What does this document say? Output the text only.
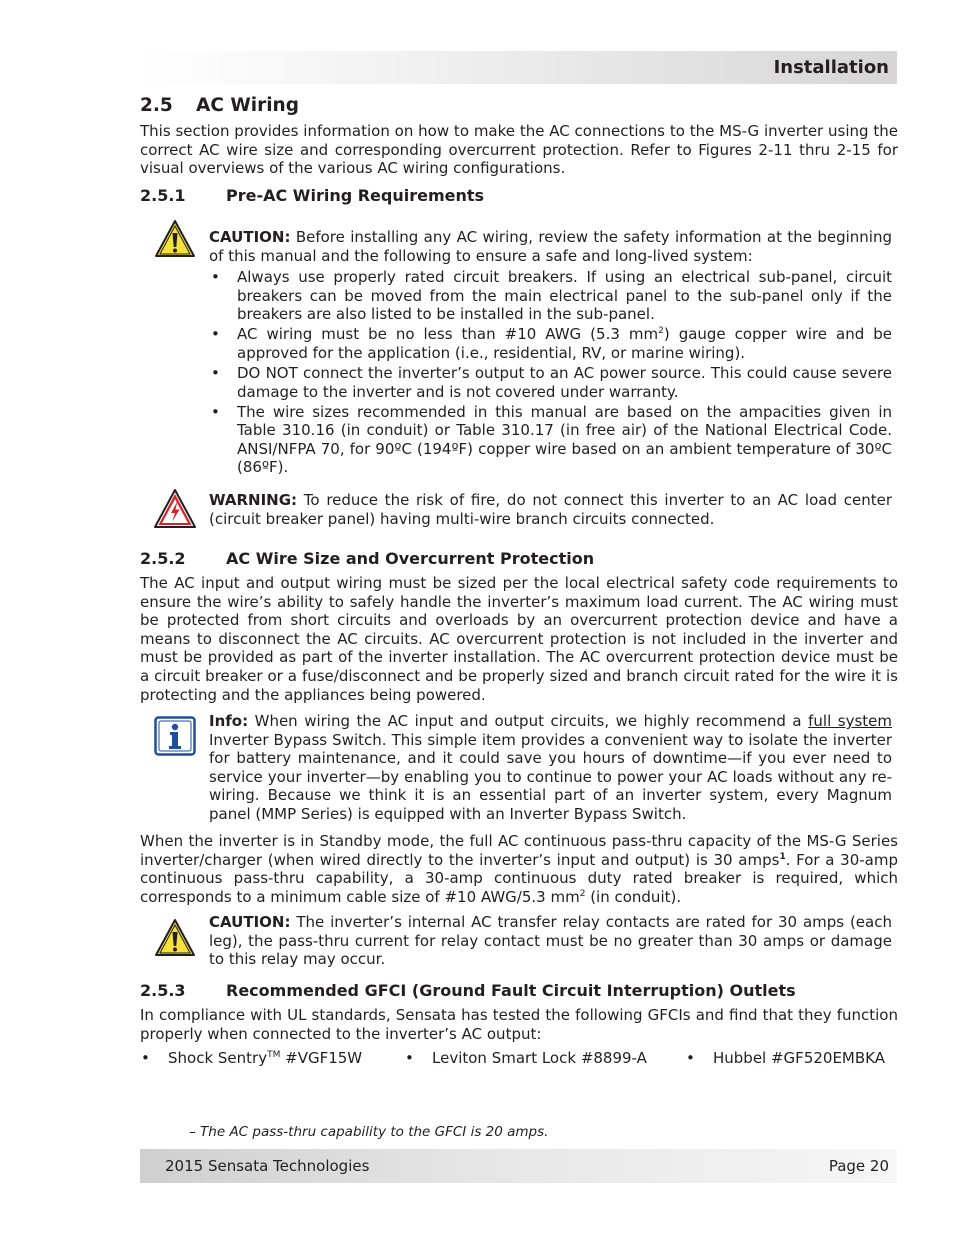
Installation
2.5 AC Wiring

This section provides information on how to make the AC connections to the MS-G inverter using the correct AC wire size and corresponding overcurrent protection. Refer to Figures 2-11 thru 2-15 for visual overviews of the various AC wiring configurations.

2.5.1	Pre-AC Wiring Requirements

CAUTION: Before installing any AC wiring, review the safety information at the beginning of this manual and the following to ensure a safe and long-lived system:

• Always use properly rated circuit breakers. If using an electrical sub-panel, circuit breakers can be moved from the main electrical panel to the sub-panel only if the breakers are also listed to be installed in the sub-panel.
• AC wiring must be no less than #10 AWG (5.3 $mm^2$) gauge copper wire and be approved for the application (i.e., residential, RV, or marine wiring).
• DO NOT connect the inverter’s output to an AC power source. This could cause severe damage to the inverter and is not covered under warranty.
• The wire sizes recommended in this manual are based on the ampacities given in Table 310.16 (in conduit) or Table 310.17 (in free air) of the National Electrical Code. ANSI/NFPA 70, for 90ºC (194ºF) copper wire based on an ambient temperature of 30ºC (86ºF).

WARNING: To reduce the risk of fire, do not connect this inverter to an AC load center (circuit breaker panel) having multi-wire branch circuits connected.

2.5.2	AC Wire Size and Overcurrent Protection

The AC input and output wiring must be sized per the local electrical safety code requirements to ensure the wire’s ability to safely handle the inverter’s maximum load current. The AC wiring must be protected from short circuits and overloads by an overcurrent protection device and have a means to disconnect the AC circuits. AC overcurrent protection is not included in the inverter and must be provided as part of the inverter installation. The AC overcurrent protection device must be a circuit breaker or a fuse/disconnect and be properly sized and branch circuit rated for the wire it is protecting and the appliances being powered.

Info: When wiring the AC input and output circuits, we highly recommend a full system Inverter Bypass Switch. This simple item provides a convenient way to isolate the inverter for battery maintenance, and it could save you hours of downtime—if you ever need to service your inverter—by enabling you to continue to power your AC loads without any re-wiring. Because we think it is an essential part of an inverter system, every Magnum panel (MMP Series) is equipped with an Inverter Bypass Switch.

When the inverter is in Standby mode, the full AC continuous pass-thru capacity of the MS-G Series inverter/charger (when wired directly to the inverter’s input and output) is 30 amps$^1$. For a 30-amp continuous pass-thru capability, a 30-amp continuous duty rated breaker is required, which corresponds to a minimum cable size of #10 AWG/5.3 $mm^2$ (in conduit).

CAUTION: The inverter’s internal AC transfer relay contacts are rated for 30 amps (each leg), the pass-thru current for relay contact must be no greater than 30 amps or damage to this relay may occur.

2.5.3	Recommended GFCI (Ground Fault Circuit Interruption) Outlets

In compliance with UL standards, Sensata has tested the following GFCIs and find that they function properly when connected to the inverter’s AC output:

• Shock Sentry™ #VGF15W	• Leviton Smart Lock #8899-A	• Hubbel #GF520EMBKA
– The AC pass-thru capability to the GFCI is 20 amps.
2015 Sensata Technologies	Page 20
